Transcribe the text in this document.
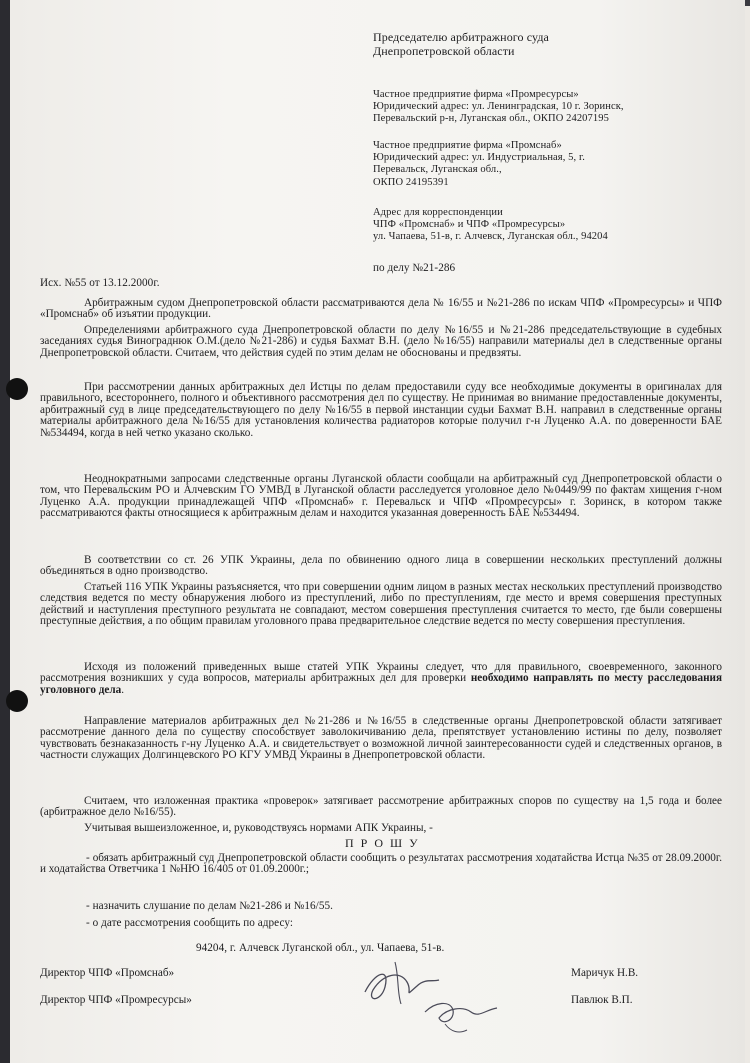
Председателю арбитражного суда
Днепропетровской области
Частное предприятие фирма «Промресурсы»
Юридический адрес: ул. Ленинградская, 10 г. Зоринск,
Перевальский р-н, Луганская обл., ОКПО 24207195
Частное предприятие фирма «Промснаб»
Юридический адрес: ул. Индустриальная, 5, г.
Перевальск, Луганская обл.,
ОКПО 24195391
Адрес для корреспонденции
ЧПФ «Промснаб» и ЧПФ «Промресурсы»
ул. Чапаева, 51-в, г. Алчевск, Луганская обл., 94204
по делу №21-286
Исх. №55 от 13.12.2000г.
Арбитражным судом Днепропетровской области рассматриваются дела № 16/55 и №21-286 по искам ЧПФ «Промресурсы» и ЧПФ «Промснаб» об изъятии продукции.
Определениями арбитражного суда Днепропетровской области по делу №16/55 и №21-286 председательствующие в судебных заседаниях судья Винограднюк О.М.(дело №21-286) и судья Бахмат В.Н. (дело №16/55) направили материалы дел в следственные органы Днепропетровской области. Считаем, что действия судей по этим делам не обоснованы и предвзяты.
При рассмотрении данных арбитражных дел Истцы по делам предоставили суду все необходимые документы в оригиналах для правильного, всестороннего, полного и объективного рассмотрения дел по существу. Не принимая во внимание предоставленные документы, арбитражный суд в лице председательствующего по делу №16/55 в первой инстанции судьи Бахмат В.Н. направил в следственные органы материалы арбитражного дела №16/55 для установления количества радиаторов которые получил г-н Луценко А.А. по доверенности БАЕ №534494, когда в ней четко указано сколько.
Неоднократными запросами следственные органы Луганской области сообщали на арбитражный суд Днепропетровской области о том, что Перевальским РО и Алчевским ГО УМВД в Луганской области расследуется уголовное дело №0449/99 по фактам хищения г-ном Луценко А.А. продукции принадлежащей ЧПФ «Промснаб» г. Перевальск и ЧПФ «Промресурсы» г. Зоринск, в котором также рассматриваются факты относящиеся к арбитражным делам и находится указанная доверенность БАЕ №534494.
В соответствии со ст. 26 УПК Украины, дела по обвинению одного лица в совершении нескольких преступлений должны объединяться в одно производство.
Статьей 116 УПК Украины разъясняется, что при совершении одним лицом в разных местах нескольких преступлений производство следствия ведется по месту обнаружения любого из преступлений, либо по преступлениям, где место и время совершения преступных действий и наступления преступного результата не совпадают, местом совершения преступления считается то место, где были совершены преступные действия, а по общим правилам уголовного права предварительное следствие ведется по месту совершения преступления.
Исходя из положений приведенных выше статей УПК Украины следует, что для правильного, своевременного, законного рассмотрения возникших у суда вопросов, материалы арбитражных дел для проверки необходимо направлять по месту расследования уголовного дела.
Направление материалов арбитражных дел №21-286 и №16/55 в следственные органы Днепропетровской области затягивает рассмотрение данного дела по существу способствует заволокичиванию дела, препятствует установлению истины по делу, позволяет чувствовать безнаказанность г-ну Луценко А.А. и свидетельствует о возможной личной заинтересованности судей и следственных органов, в частности служащих Долгинцевского РО КГУ УМВД Украины в Днепропетровской области.
Считаем, что изложенная практика «проверок» затягивает рассмотрение арбитражных споров по существу на 1,5 года и более (арбитражное дело №16/55).
Учитывая вышеизложенное, и, руководствуясь нормами АПК Украины, -
П Р О Ш У
- обязать арбитражный суд Днепропетровской области сообщить о результатах рассмотрения ходатайства Истца №35 от 28.09.2000г. и ходатайства Ответчика 1 №НЮ 16/405 от 01.09.2000г.;
- назначить слушание по делам №21-286 и №16/55.
- о дате рассмотрения сообщить по адресу:
94204, г. Алчевск Луганской обл., ул. Чапаева, 51-в.
Директор ЧПФ «Промснаб»	Маричук Н.В.
Директор ЧПФ «Промресурсы»	Павлюк В.П.
